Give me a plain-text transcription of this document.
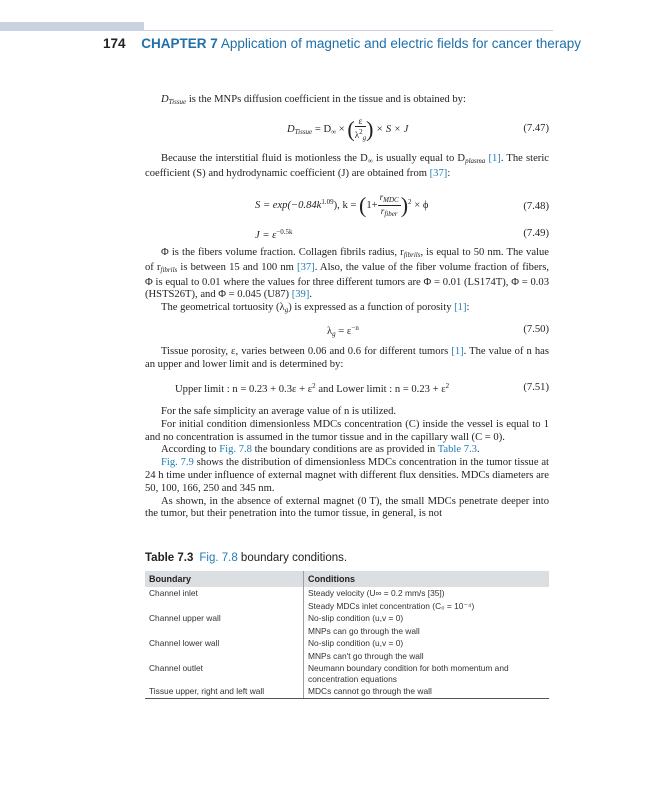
174 CHAPTER 7 Application of magnetic and electric fields for cancer therapy

$D_{Tissue}$ is the MNPs diffusion coefficient in the tissue and is obtained by:

$D_{Tissue} = D_\infty$ × ( $\frac{\varepsilon}{\lambda^2_g}$ ) × S × J	(7.47)

Because the interstitial fluid is motionless the $D_\infty$ is usually equal to $D_{plasma}$ [1]. The steric coefficient (S) and hydrodynamic coefficient (J) are obtained from [37]:

$S = \exp(-0.84k^{1.09})$, $k = (1+ \frac{r_{MDC}}{r_{fiber}} )^2 \times \phi$	(7.48)
$J = \varepsilon^{-0.5k}$	(7.49)

Φ is the fibers volume fraction. Collagen fibrils radius, $r_{fibrils}$, is equal to 50 nm. The value of $r_{fibrils}$ is between 15 and 100 nm [37]. Also, the value of the fiber volume fraction of fibers, Φ is equal to 0.01 where the values for three different tumors are Φ = 0.01 (LS174T), Φ = 0.03 (HSTS26T), and Φ = 0.045 (U87) [39].

The geometrical tortuosity $(\lambda_g)$ is expressed as a function of porosity [1]:

$\lambda_g = \varepsilon^{-n}$	(7.50)

Tissue porosity, ε, varies between 0.06 and 0.6 for different tumors [1]. The value of n has an upper and lower limit and is determined by:

Upper limit : $n = 0.23 + 0.3\varepsilon + \varepsilon^2$ and Lower limit : $n = 0.23 + \varepsilon^2$	(7.51)

For the safe simplicity an average value of n is utilized.

For initial condition dimensionless MDCs concentration (C) inside the vessel is equal to 1 and no concentration is assumed in the tumor tissue and in the capillary wall (C = 0).

According to Fig. 7.8 the boundary conditions are as provided in Table 7.3.

Fig. 7.9 shows the distribution of dimensionless MDCs concentration in the tumor tissue at 24 h time under influence of external magnet with different flux densities. MDCs diameters are 50, 100, 166, 250 and 345 nm.

As shown, in the absence of external magnet (0 T), the small MDCs penetrate deeper into the tumor, but their penetration into the tumor tissue, in general, is not

Table 7.3 Fig. 7.8 boundary conditions.
Boundary	Conditions
Channel inlet	Steady velocity (U∞ = 0.2 mm/s [35])
	Steady MDCs inlet concentration (C₀ = 10⁻⁴)
Channel upper wall	No-slip condition (u,v = 0)
	MNPs can go through the wall
Channel lower wall	No-slip condition (u,v = 0)
	MNPs can't go through the wall
Channel outlet	Neumann boundary condition for both momentum and concentration equations
Tissue upper, right and left wall	MDCs cannot go through the wall
